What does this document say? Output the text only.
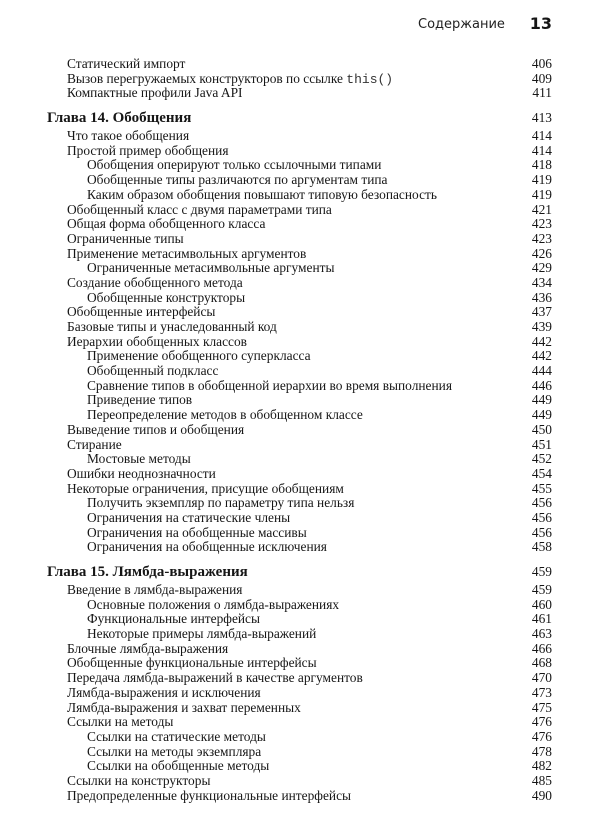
Содержание 13
Статический импорт	406
Вызов перегружаемых конструкторов по ссылке this()	409
Компактные профили Java API	411
Глава 14. Обобщения	413
Что такое обобщения	414
Простой пример обобщения	414
Обобщения оперируют только ссылочными типами	418
Обобщенные типы различаются по аргументам типа	419
Каким образом обобщения повышают типовую безопасность	419
Обобщенный класс с двумя параметрами типа	421
Общая форма обобщенного класса	423
Ограниченные типы	423
Применение метасимвольных аргументов	426
Ограниченные метасимвольные аргументы	429
Создание обобщенного метода	434
Обобщенные конструкторы	436
Обобщенные интерфейсы	437
Базовые типы и унаследованный код	439
Иерархии обобщенных классов	442
Применение обобщенного суперкласса	442
Обобщенный подкласс	444
Сравнение типов в обобщенной иерархии во время выполнения	446
Приведение типов	449
Переопределение методов в обобщенном классе	449
Выведение типов и обобщения	450
Стирание	451
Мостовые методы	452
Ошибки неоднозначности	454
Некоторые ограничения, присущие обобщениям	455
Получить экземпляр по параметру типа нельзя	456
Ограничения на статические члены	456
Ограничения на обобщенные массивы	456
Ограничения на обобщенные исключения	458
Глава 15. Лямбда-выражения	459
Введение в лямбда-выражения	459
Основные положения о лямбда-выражениях	460
Функциональные интерфейсы	461
Некоторые примеры лямбда-выражений	463
Блочные лямбда-выражения	466
Обобщенные функциональные интерфейсы	468
Передача лямбда-выражений в качестве аргументов	470
Лямбда-выражения и исключения	473
Лямбда-выражения и захват переменных	475
Ссылки на методы	476
Ссылки на статические методы	476
Ссылки на методы экземпляра	478
Ссылки на обобщенные методы	482
Ссылки на конструкторы	485
Предопределенные функциональные интерфейсы	490
